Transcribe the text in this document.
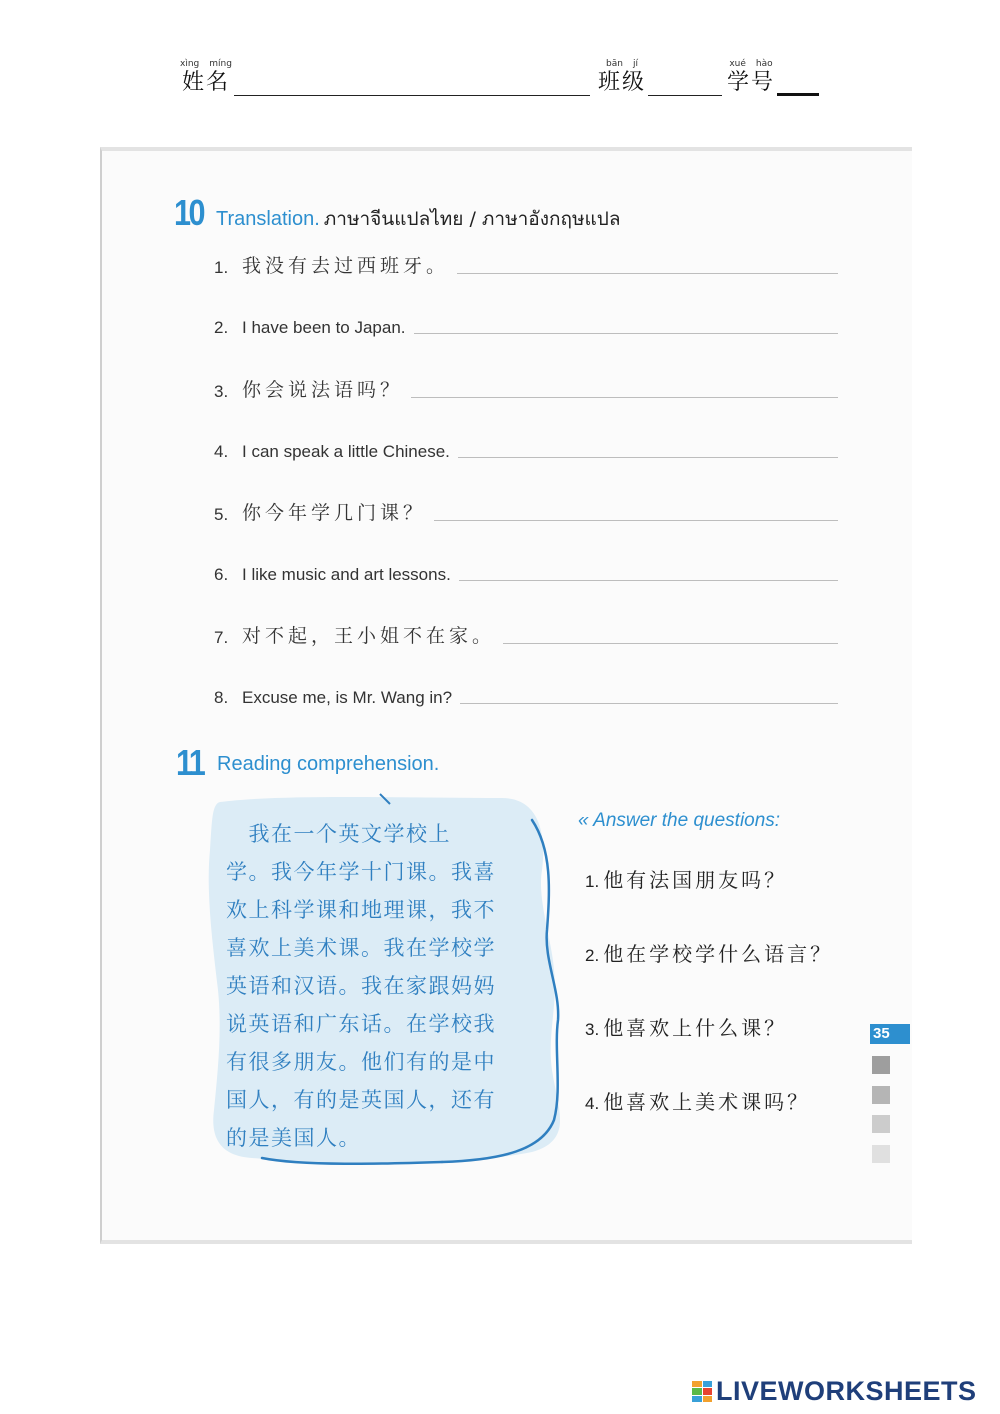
xìng míng
姓名
bān jí
班级
xué hào
学号
10 Translation. ภาษาจีนแปลไทย / ภาษาอังกฤษแปล
1. 我没有去过西班牙。
2. I have been to Japan.
3. 你会说法语吗？
4. I can speak a little Chinese.
5. 你今年学几门课？
6. I like music and art lessons.
7. 对不起，王小姐不在家。
8. Excuse me, is Mr. Wang in?
11 Reading comprehension.

　我在一个英文学校上

学。我今年学十门课。我喜

欢上科学课和地理课，我不

喜欢上美术课。我在学校学

英语和汉语。我在家跟妈妈

说英语和广东话。在学校我

有很多朋友。他们有的是中

国人，有的是英国人，还有

的是美国人。

« Answer the questions:
1. 他有法国朋友吗？
2. 他在学校学什么语言？
3. 他喜欢上什么课？
4. 他喜欢上美术课吗？
35
LIVEWORKSHEETS
